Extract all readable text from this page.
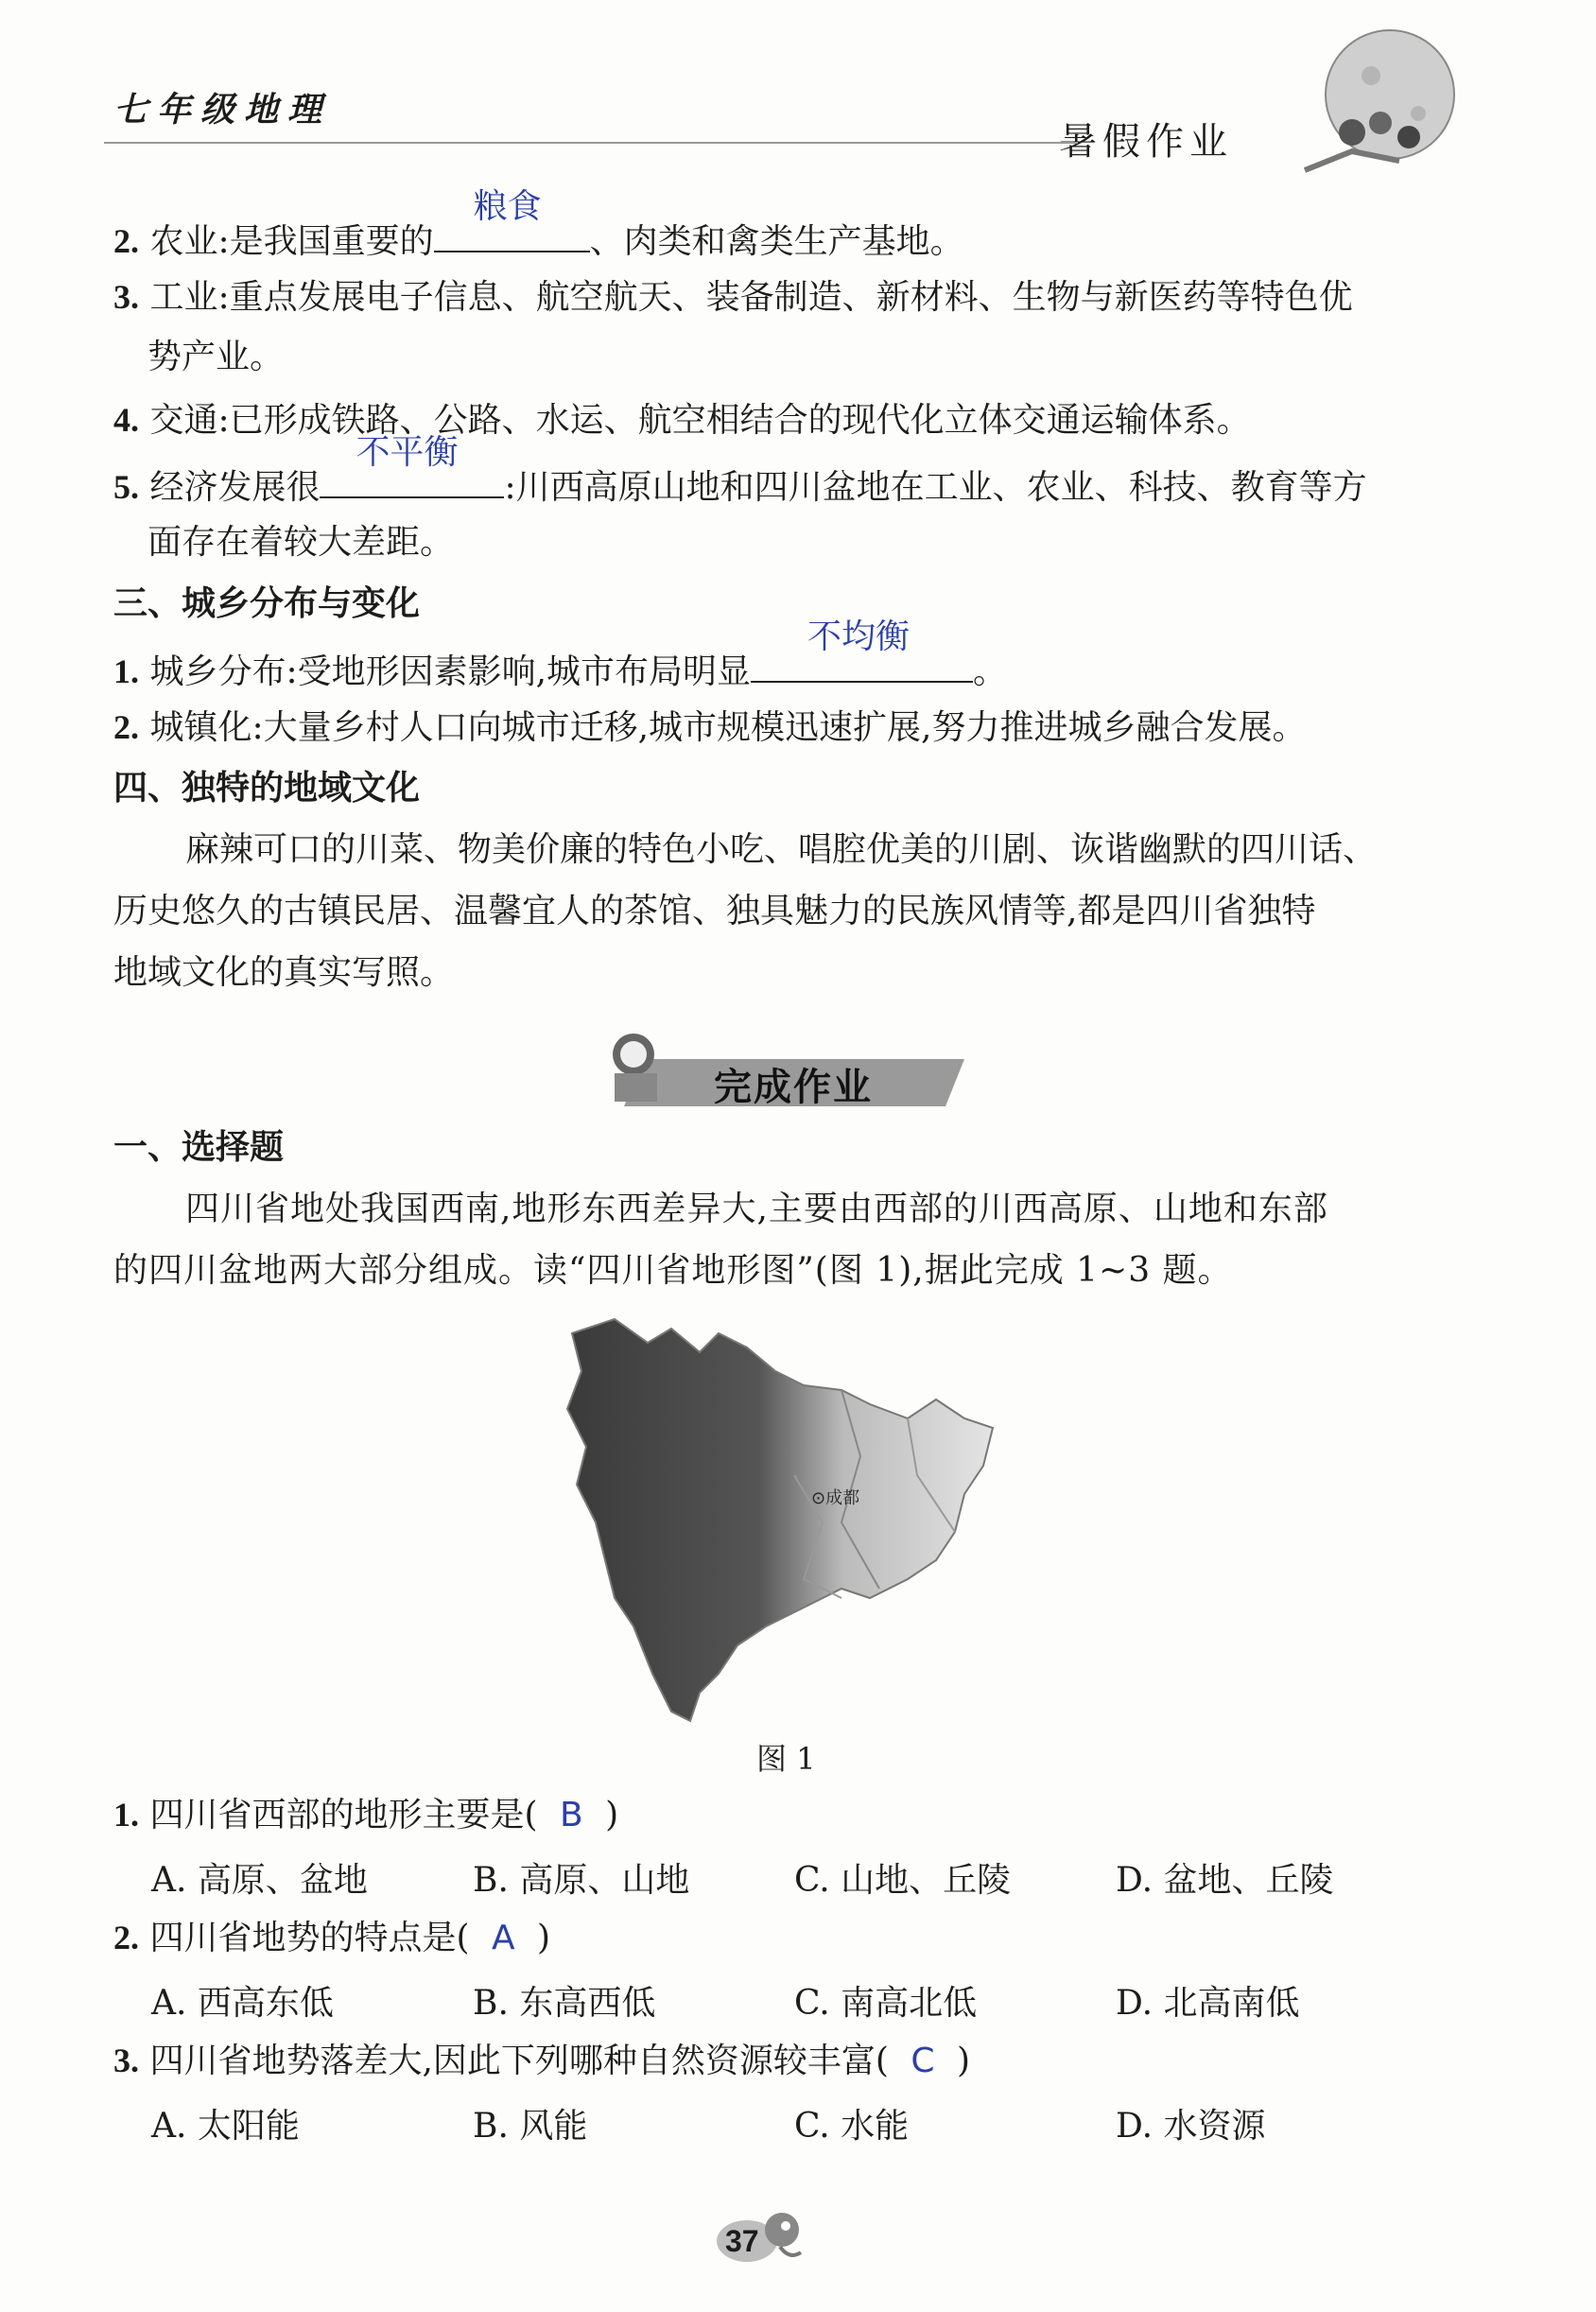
七年级地理
暑假作业
2. 农业:是我国重要的
粮食
、肉类和禽类生产基地。
3. 工业:重点发展电子信息、航空航天、装备制造、新材料、生物与新医药等特色优
势产业。
4. 交通:已形成铁路、公路、水运、航空相结合的现代化立体交通运输体系。
5. 经济发展很
不平衡
:川西高原山地和四川盆地在工业、农业、科技、教育等方
面存在着较大差距。
三、城乡分布与变化
1. 城乡分布:受地形因素影响,城市布局明显
不均衡
。
2. 城镇化:大量乡村人口向城市迁移,城市规模迅速扩展,努力推进城乡融合发展。
四、独特的地域文化
麻辣可口的川菜、物美价廉的特色小吃、唱腔优美的川剧、诙谐幽默的四川话、
历史悠久的古镇民居、温馨宜人的茶馆、独具魅力的民族风情等,都是四川省独特
地域文化的真实写照。
完成作业
一、选择题
四川省地处我国西南,地形东西差异大,主要由西部的川西高原、山地和东部
的四川盆地两大部分组成。读“四川省地形图”(图 1),据此完成 1~3 题。
⊙成都
图 1
1. 四川省西部的地形主要是( B )
A. 高原、盆地	B. 高原、山地	C. 山地、丘陵	D. 盆地、丘陵
2. 四川省地势的特点是( A )
A. 西高东低	B. 东高西低	C. 南高北低	D. 北高南低
3. 四川省地势落差大,因此下列哪种自然资源较丰富( C )
A. 太阳能	B. 风能	C. 水能	D. 水资源
37
